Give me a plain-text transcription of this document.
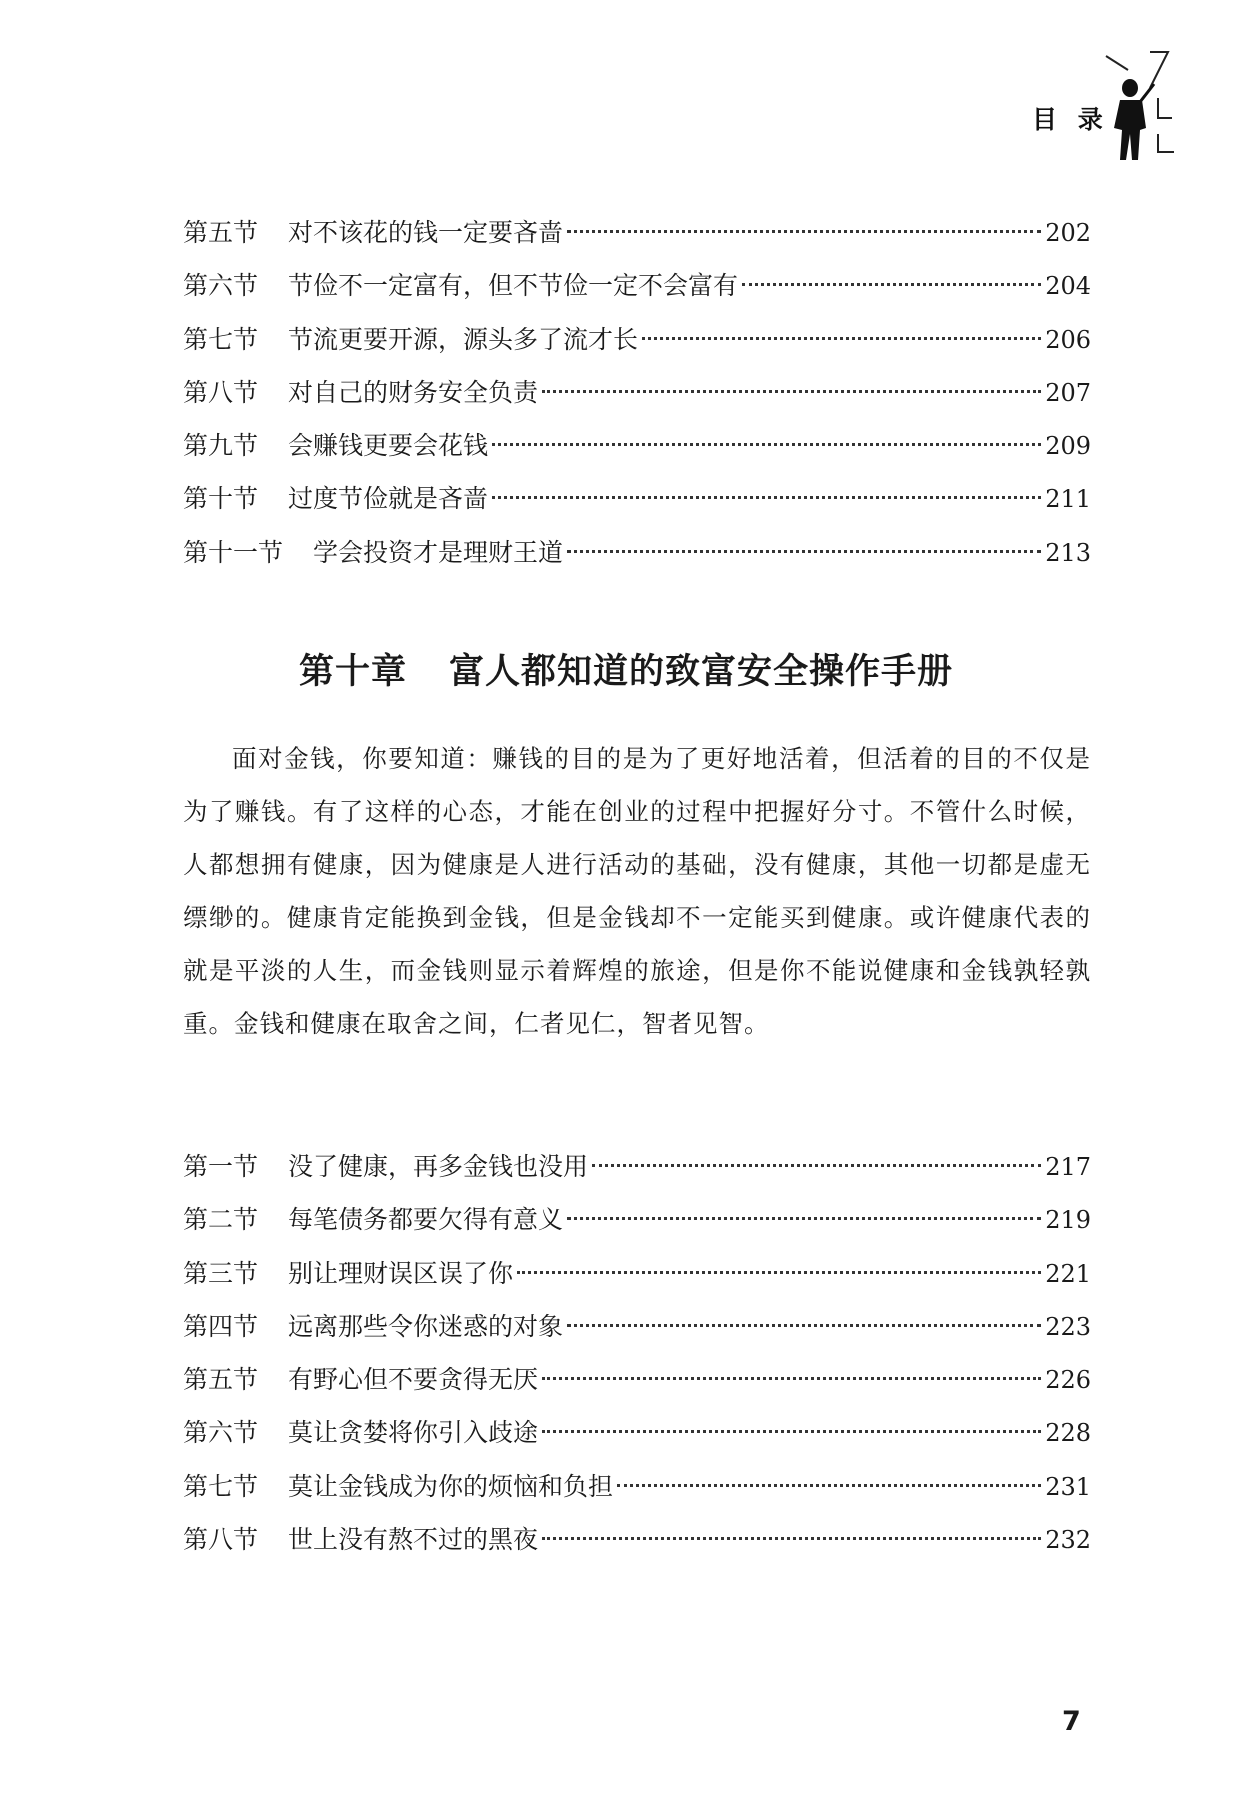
目 录
第五节	对不该花的钱一定要吝啬	202
第六节	节俭不一定富有，但不节俭一定不会富有	204
第七节	节流更要开源，源头多了流才长	206
第八节	对自己的财务安全负责	207
第九节	会赚钱更要会花钱	209
第十节	过度节俭就是吝啬	211
第十一节	学会投资才是理财王道	213
第十章 富人都知道的致富安全操作手册

面对金钱，你要知道：赚钱的目的是为了更好地活着，但活着的目的不仅是为了赚钱。有了这样的心态，才能在创业的过程中把握好分寸。不管什么时候，人都想拥有健康，因为健康是人进行活动的基础，没有健康，其他一切都是虚无缥缈的。健康肯定能换到金钱，但是金钱却不一定能买到健康。或许健康代表的就是平淡的人生，而金钱则显示着辉煌的旅途，但是你不能说健康和金钱孰轻孰重。金钱和健康在取舍之间，仁者见仁，智者见智。

第一节	没了健康，再多金钱也没用	217
第二节	每笔债务都要欠得有意义	219
第三节	别让理财误区误了你	221
第四节	远离那些令你迷惑的对象	223
第五节	有野心但不要贪得无厌	226
第六节	莫让贪婪将你引入歧途	228
第七节	莫让金钱成为你的烦恼和负担	231
第八节	世上没有熬不过的黑夜	232
7
